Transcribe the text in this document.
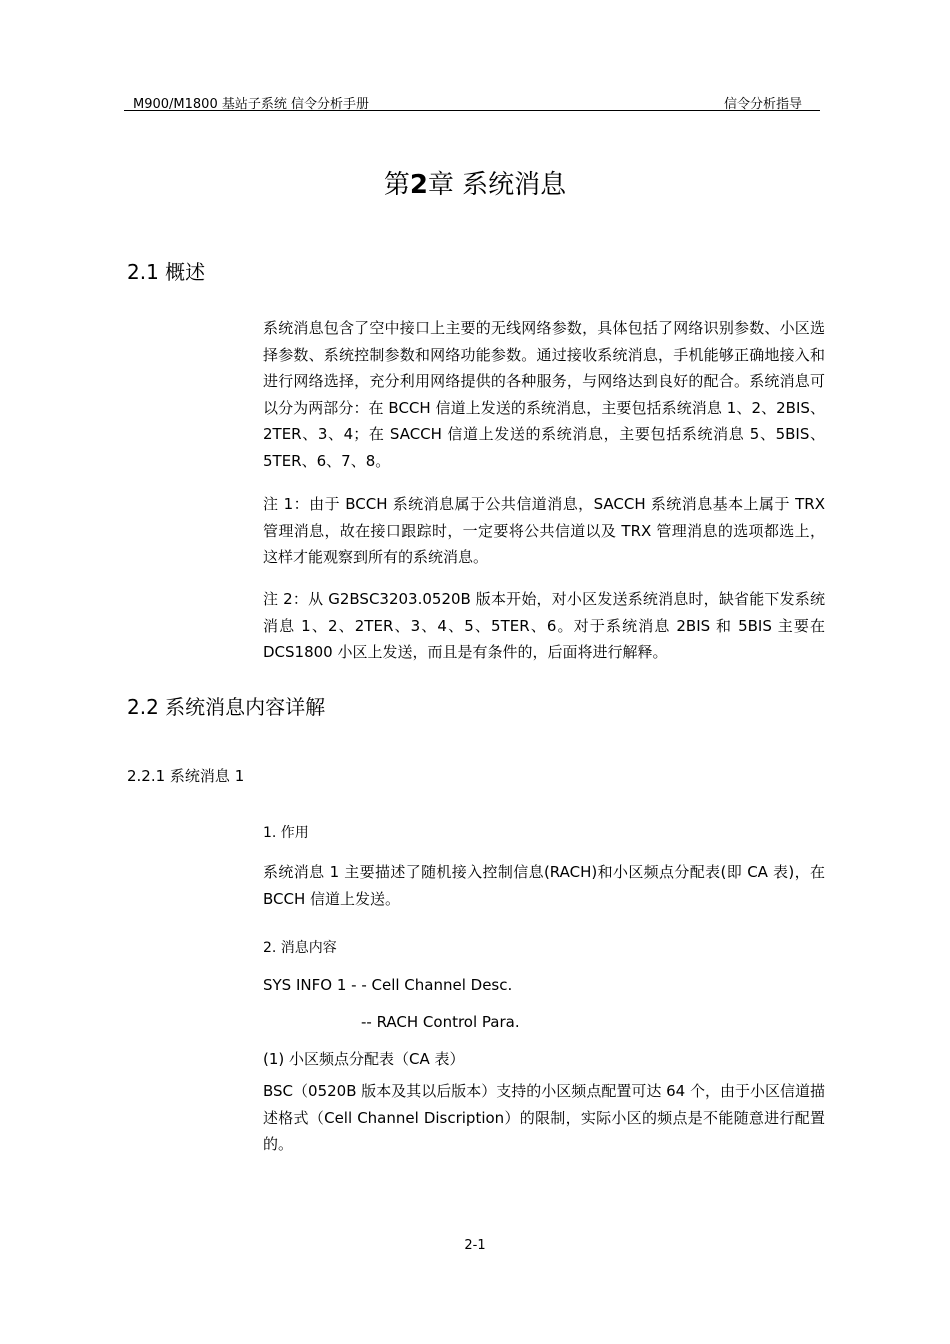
M900/M1800 基站子系统 信令分析手册	信令分析指导
第2章 系统消息
2.1 概述
系统消息包含了空中接口上主要的无线网络参数，具体包括了网络识别参数、小区选择参数、系统控制参数和网络功能参数。通过接收系统消息，手机能够正确地接入和进行网络选择，充分利用网络提供的各种服务，与网络达到良好的配合。系统消息可以分为两部分：在 BCCH 信道上发送的系统消息，主要包括系统消息 1、2、2BIS、2TER、3、4；在 SACCH 信道上发送的系统消息，主要包括系统消息 5、5BIS、5TER、6、7、8。
注 1：由于 BCCH 系统消息属于公共信道消息，SACCH 系统消息基本上属于 TRX 管理消息，故在接口跟踪时，一定要将公共信道以及 TRX 管理消息的选项都选上，这样才能观察到所有的系统消息。
注 2：从 G2BSC3203.0520B 版本开始，对小区发送系统消息时，缺省能下发系统消息 1、2、2TER、3、4、5、5TER、6。对于系统消息 2BIS 和 5BIS 主要在 DCS1800 小区上发送，而且是有条件的，后面将进行解释。
2.2 系统消息内容详解
2.2.1 系统消息 1
1. 作用
系统消息 1 主要描述了随机接入控制信息(RACH)和小区频点分配表(即 CA 表)，在 BCCH 信道上发送。
2. 消息内容
SYS INFO 1 - - Cell Channel Desc.
-- RACH Control Para.
(1) 小区频点分配表（CA 表）
BSC（0520B 版本及其以后版本）支持的小区频点配置可达 64 个，由于小区信道描述格式（Cell Channel Discription）的限制，实际小区的频点是不能随意进行配置的。
2-1
